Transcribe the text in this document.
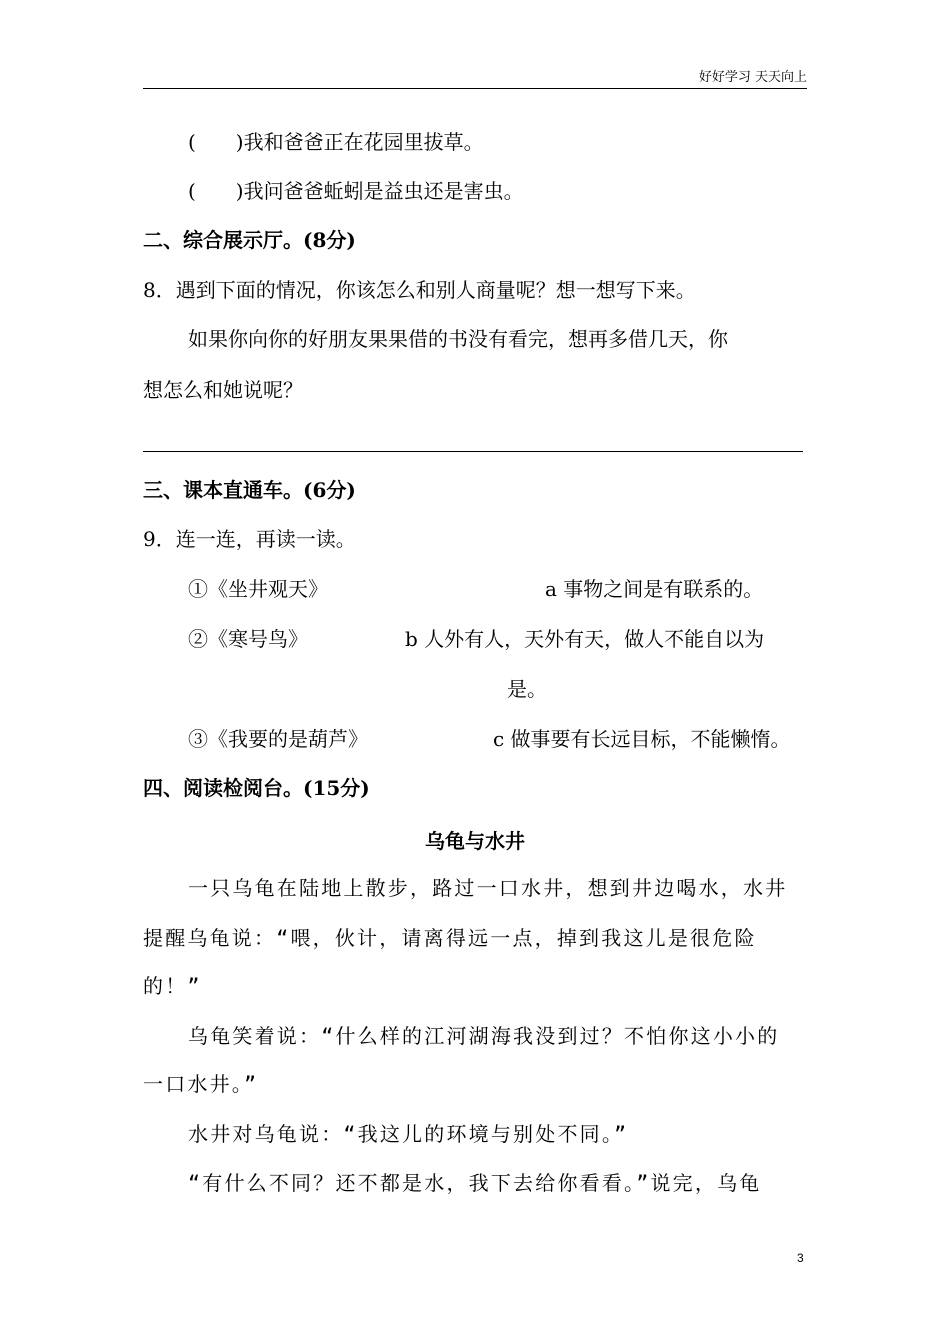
好好学习 天天向上
(　　)我和爸爸正在花园里拔草。
(　　)我问爸爸蚯蚓是益虫还是害虫。
二、综合展示厅。(8分)
8．遇到下面的情况，你该怎么和别人商量呢？想一想写下来。
如果你向你的好朋友果果借的书没有看完，想再多借几天，你
想怎么和她说呢？
三、课本直通车。(6分)
9．连一连，再读一读。
①《坐井观天》	a 事物之间是有联系的。
②《寒号鸟》	b 人外有人，天外有天，做人不能自以为
是。
③《我要的是葫芦》	c 做事要有长远目标，不能懒惰。
四、阅读检阅台。(15分)
乌龟与水井
一只乌龟在陆地上散步，路过一口水井，想到井边喝水，水井
提醒乌龟说：“喂，伙计，请离得远一点，掉到我这儿是很危险
的！”
乌龟笑着说：“什么样的江河湖海我没到过？不怕你这小小的
一口水井。”
水井对乌龟说：“我这儿的环境与别处不同。”
“有什么不同？还不都是水，我下去给你看看。”说完，乌龟
3
